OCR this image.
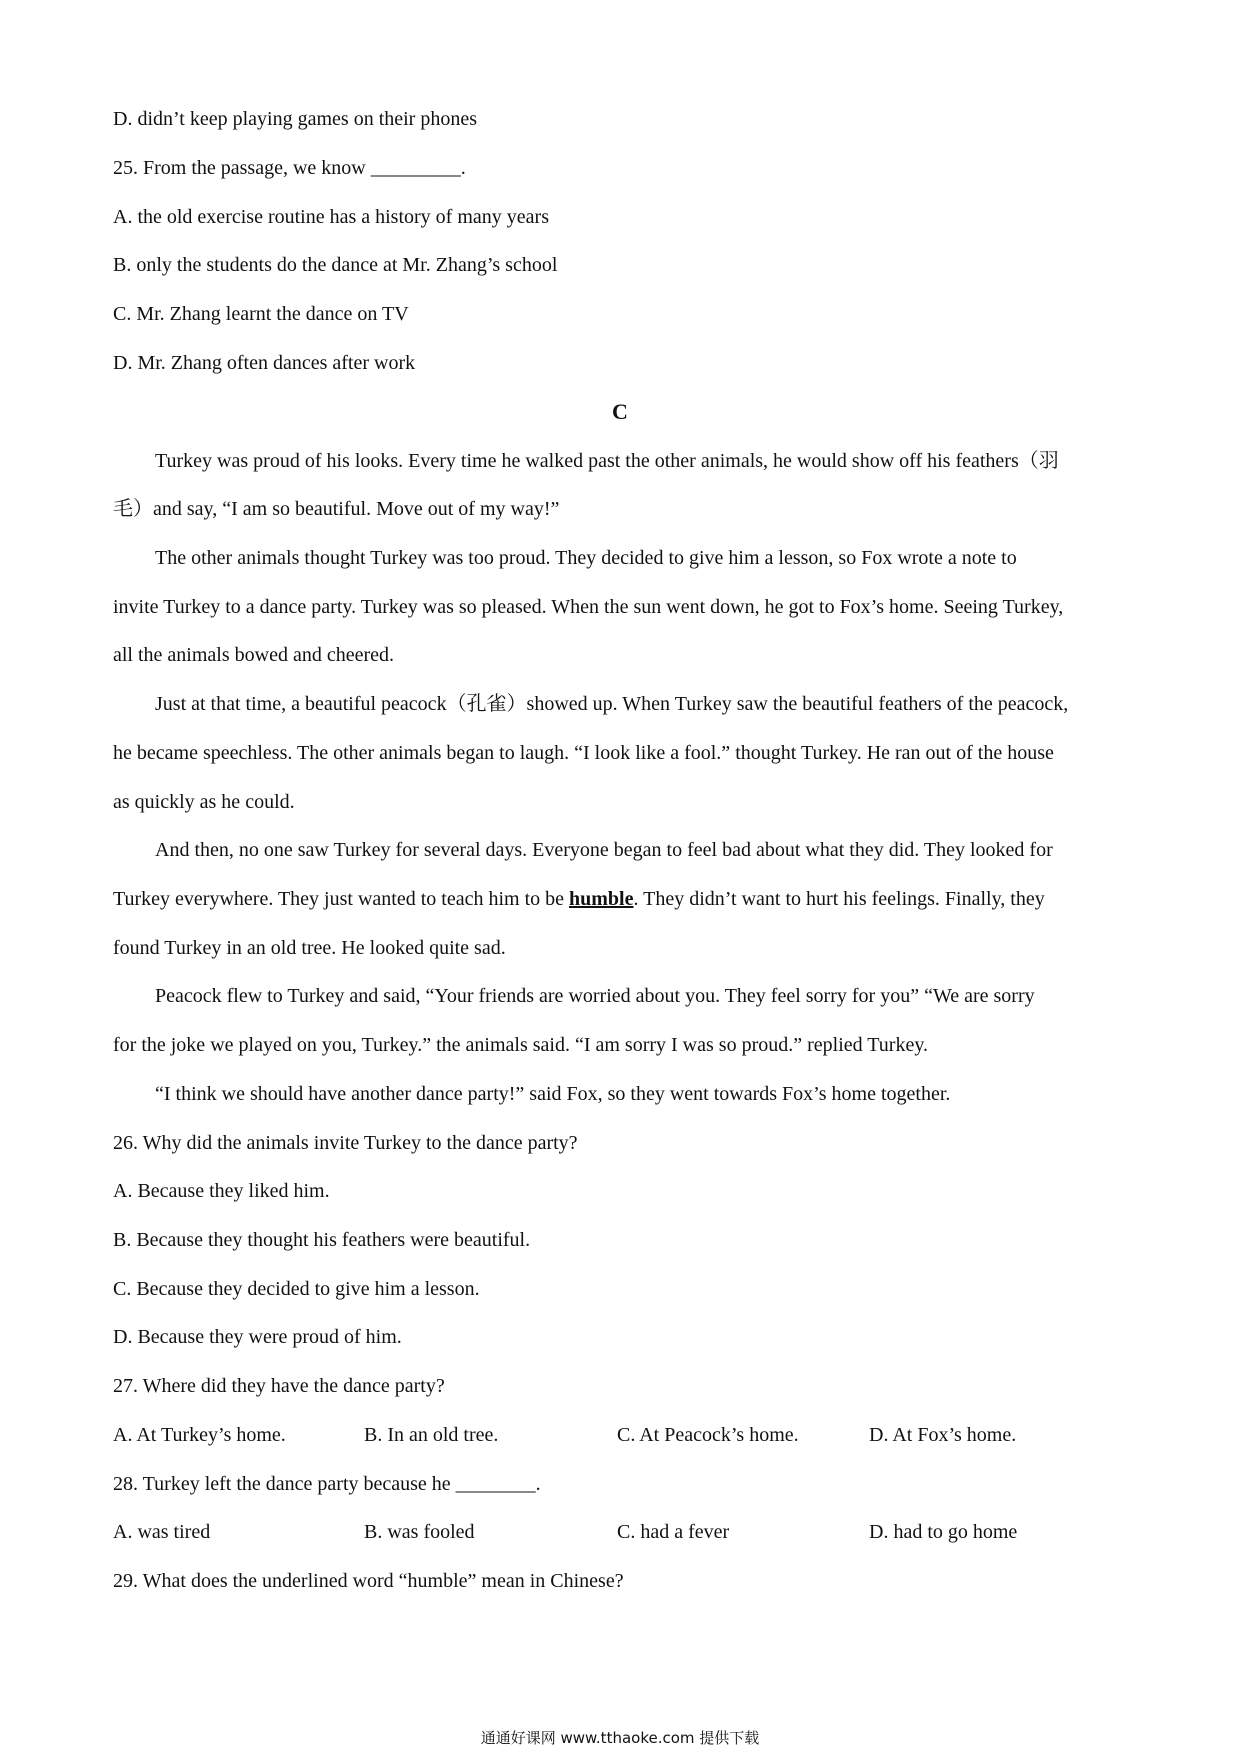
D. didn’t keep playing games on their phones
25. From the passage, we know _________.
A. the old exercise routine has a history of many years
B. only the students do the dance at Mr. Zhang’s school
C. Mr. Zhang learnt the dance on TV
D. Mr. Zhang often dances after work
C
Turkey was proud of his looks. Every time he walked past the other animals, he would show off his feathers（羽
毛）and say, “I am so beautiful. Move out of my way!”
The other animals thought Turkey was too proud. They decided to give him a lesson, so Fox wrote a note to
invite Turkey to a dance party. Turkey was so pleased. When the sun went down, he got to Fox’s home. Seeing Turkey,
all the animals bowed and cheered.
Just at that time, a beautiful peacock（孔雀）showed up. When Turkey saw the beautiful feathers of the peacock,
he became speechless. The other animals began to laugh. “I look like a fool.” thought Turkey. He ran out of the house
as quickly as he could.
And then, no one saw Turkey for several days. Everyone began to feel bad about what they did. They looked for
Turkey everywhere. They just wanted to teach him to be humble. They didn’t want to hurt his feelings. Finally, they
found Turkey in an old tree. He looked quite sad.
Peacock flew to Turkey and said, “Your friends are worried about you. They feel sorry for you” “We are sorry
for the joke we played on you, Turkey.” the animals said. “I am sorry I was so proud.” replied Turkey.
“I think we should have another dance party!” said Fox, so they went towards Fox’s home together.
26. Why did the animals invite Turkey to the dance party?
A. Because they liked him.
B. Because they thought his feathers were beautiful.
C. Because they decided to give him a lesson.
D. Because they were proud of him.
27. Where did they have the dance party?
A. At Turkey’s home.	B. In an old tree.	C. At Peacock’s home.	D. At Fox’s home.
28. Turkey left the dance party because he ________.
A. was tired	B. was fooled	C. had a fever	D. had to go home
29. What does the underlined word “humble” mean in Chinese?
通通好课网 www.tthaoke.com 提供下载
